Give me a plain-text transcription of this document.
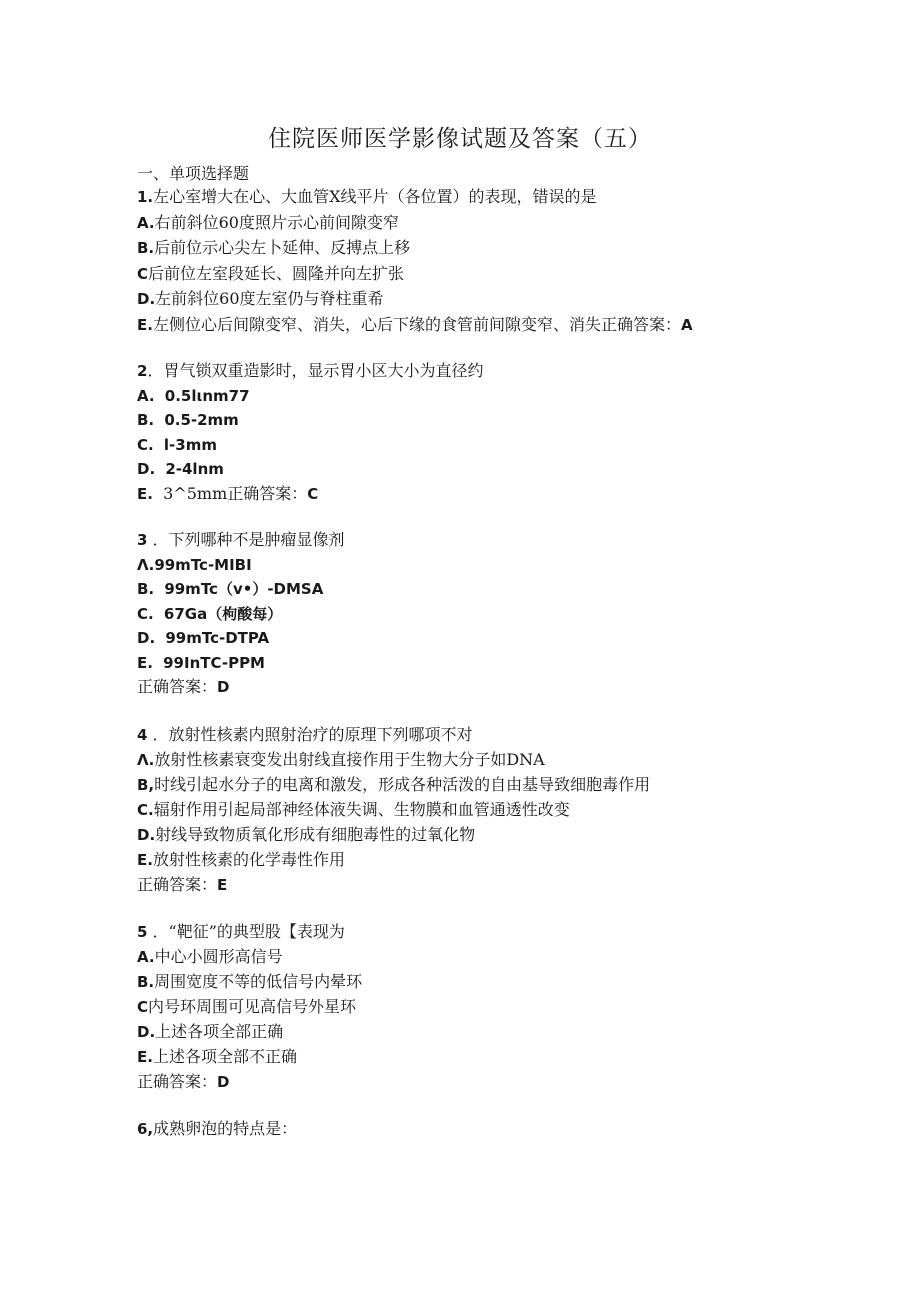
住院医师医学影像试题及答案（五）
一、单项选择题
1.左心室增大在心、大血管X线平片（各位置）的表现，错误的是
A.右前斜位60度照片示心前间隙变窄
B.后前位示心尖左卜延伸、反搏点上移
C后前位左室段延长、圆隆并向左扩张
D.左前斜位60度左室仍与脊柱重希
E.左侧位心后间隙变窄、消失，心后下缘的食管前间隙变窄、消失正确答案：A
2．胃气锁双重造影时，显示胃小区大小为直径约
A. 0.5lιnm77
B. 0.5-2mm
C. l-3mm
D. 2-4lnm
E. 3^5mm正确答案：C
3 ．下列哪种不是肿瘤显像剂
Λ.99mTc-MIBI
B. 99mTc（v•）-DMSA
C. 67Ga（枸酸每）
D. 99mTc-DTPA
E. 99InTC-PPM
正确答案：D
4 ．放射性核素内照射治疗的原理下列哪项不对
Λ.放射性核素衰变发出射线直接作用于生物大分子如DNA
B,时线引起水分子的电离和激发，形成各种活泼的自由基导致细胞毒作用
C.辐射作用引起局部神经体液失调、生物膜和血管通透性改变
D.射线导致物质氧化形成有细胞毒性的过氧化物
E.放射性核素的化学毒性作用
正确答案：E
5 ．“靶征”的典型股【表现为
A.中心小圆形高信号
B.周围宽度不等的低信号内晕环
C内号环周围可见高信号外星环
D.上述各项全部正确
E.上述各项全部不正确
正确答案：D
6,成熟卵泡的特点是：
